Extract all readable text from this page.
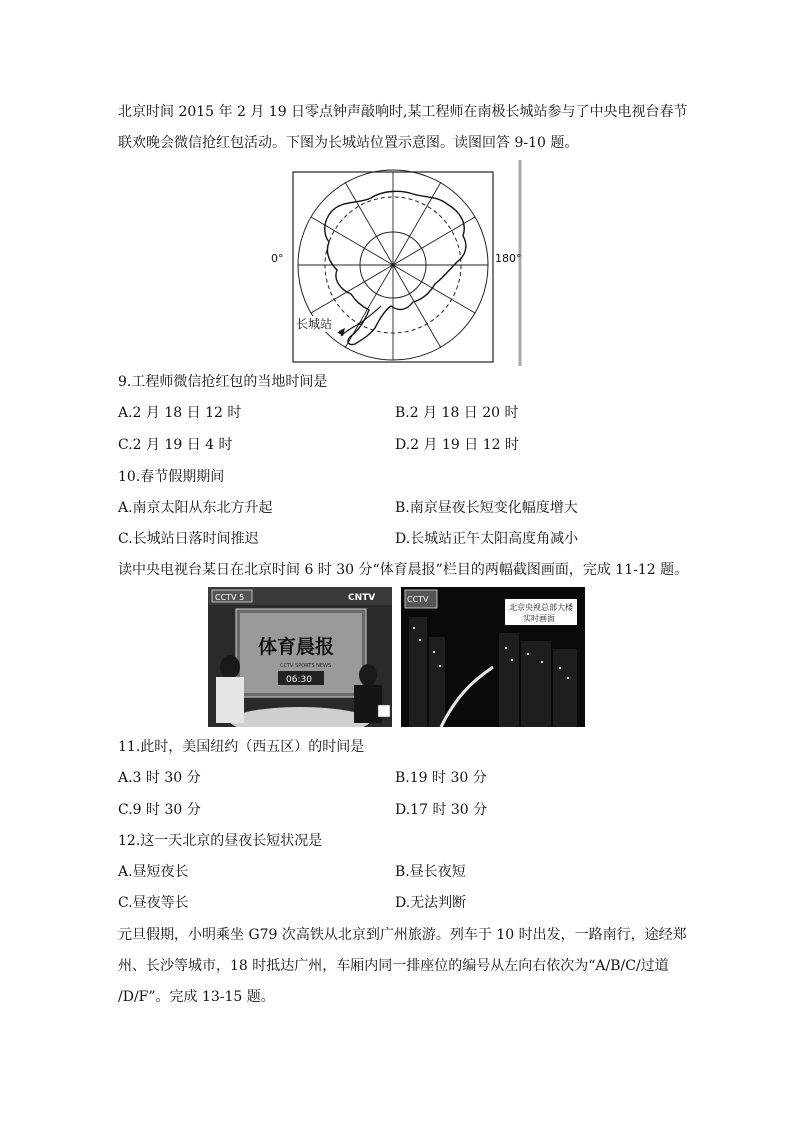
北京时间 2015 年 2 月 19 日零点钟声敲响时,某工程师在南极长城站参与了中央电视台春节
联欢晚会微信抢红包活动。下图为长城站位置示意图。读图回答 9-10 题。
0°	180°
长城站
9.工程师微信抢红包的当地时间是
A.2 月 18 日 12 时	B.2 月 18 日 20 时
C.2 月 19 日 4 时	D.2 月 19 日 12 时
10.春节假期期间
A.南京太阳从东北方升起	B.南京昼夜长短变化幅度增大
C.长城站日落时间推迟	D.长城站正午太阳高度角减小
读中央电视台某日在北京时间 6 时 30 分“体育晨报”栏目的两幅截图画面，完成 11-12 题。
CCTV 5	CNTV
体育晨报
CCTV SPORTS NEWS
06:30
CCTV
北京央视总部大楼
实时画面
11.此时，美国纽约（西五区）的时间是
A.3 时 30 分	B.19 时 30 分
C.9 时 30 分	D.17 时 30 分
12.这一天北京的昼夜长短状况是
A.昼短夜长	B.昼长夜短
C.昼夜等长	D.无法判断
元旦假期，小明乘坐 G79 次高铁从北京到广州旅游。列车于 10 时出发，一路南行，途经郑
州、长沙等城市，18 时抵达广州，车厢内同一排座位的编号从左向右依次为“A/B/C/过道
/D/F”。完成 13-15 题。
